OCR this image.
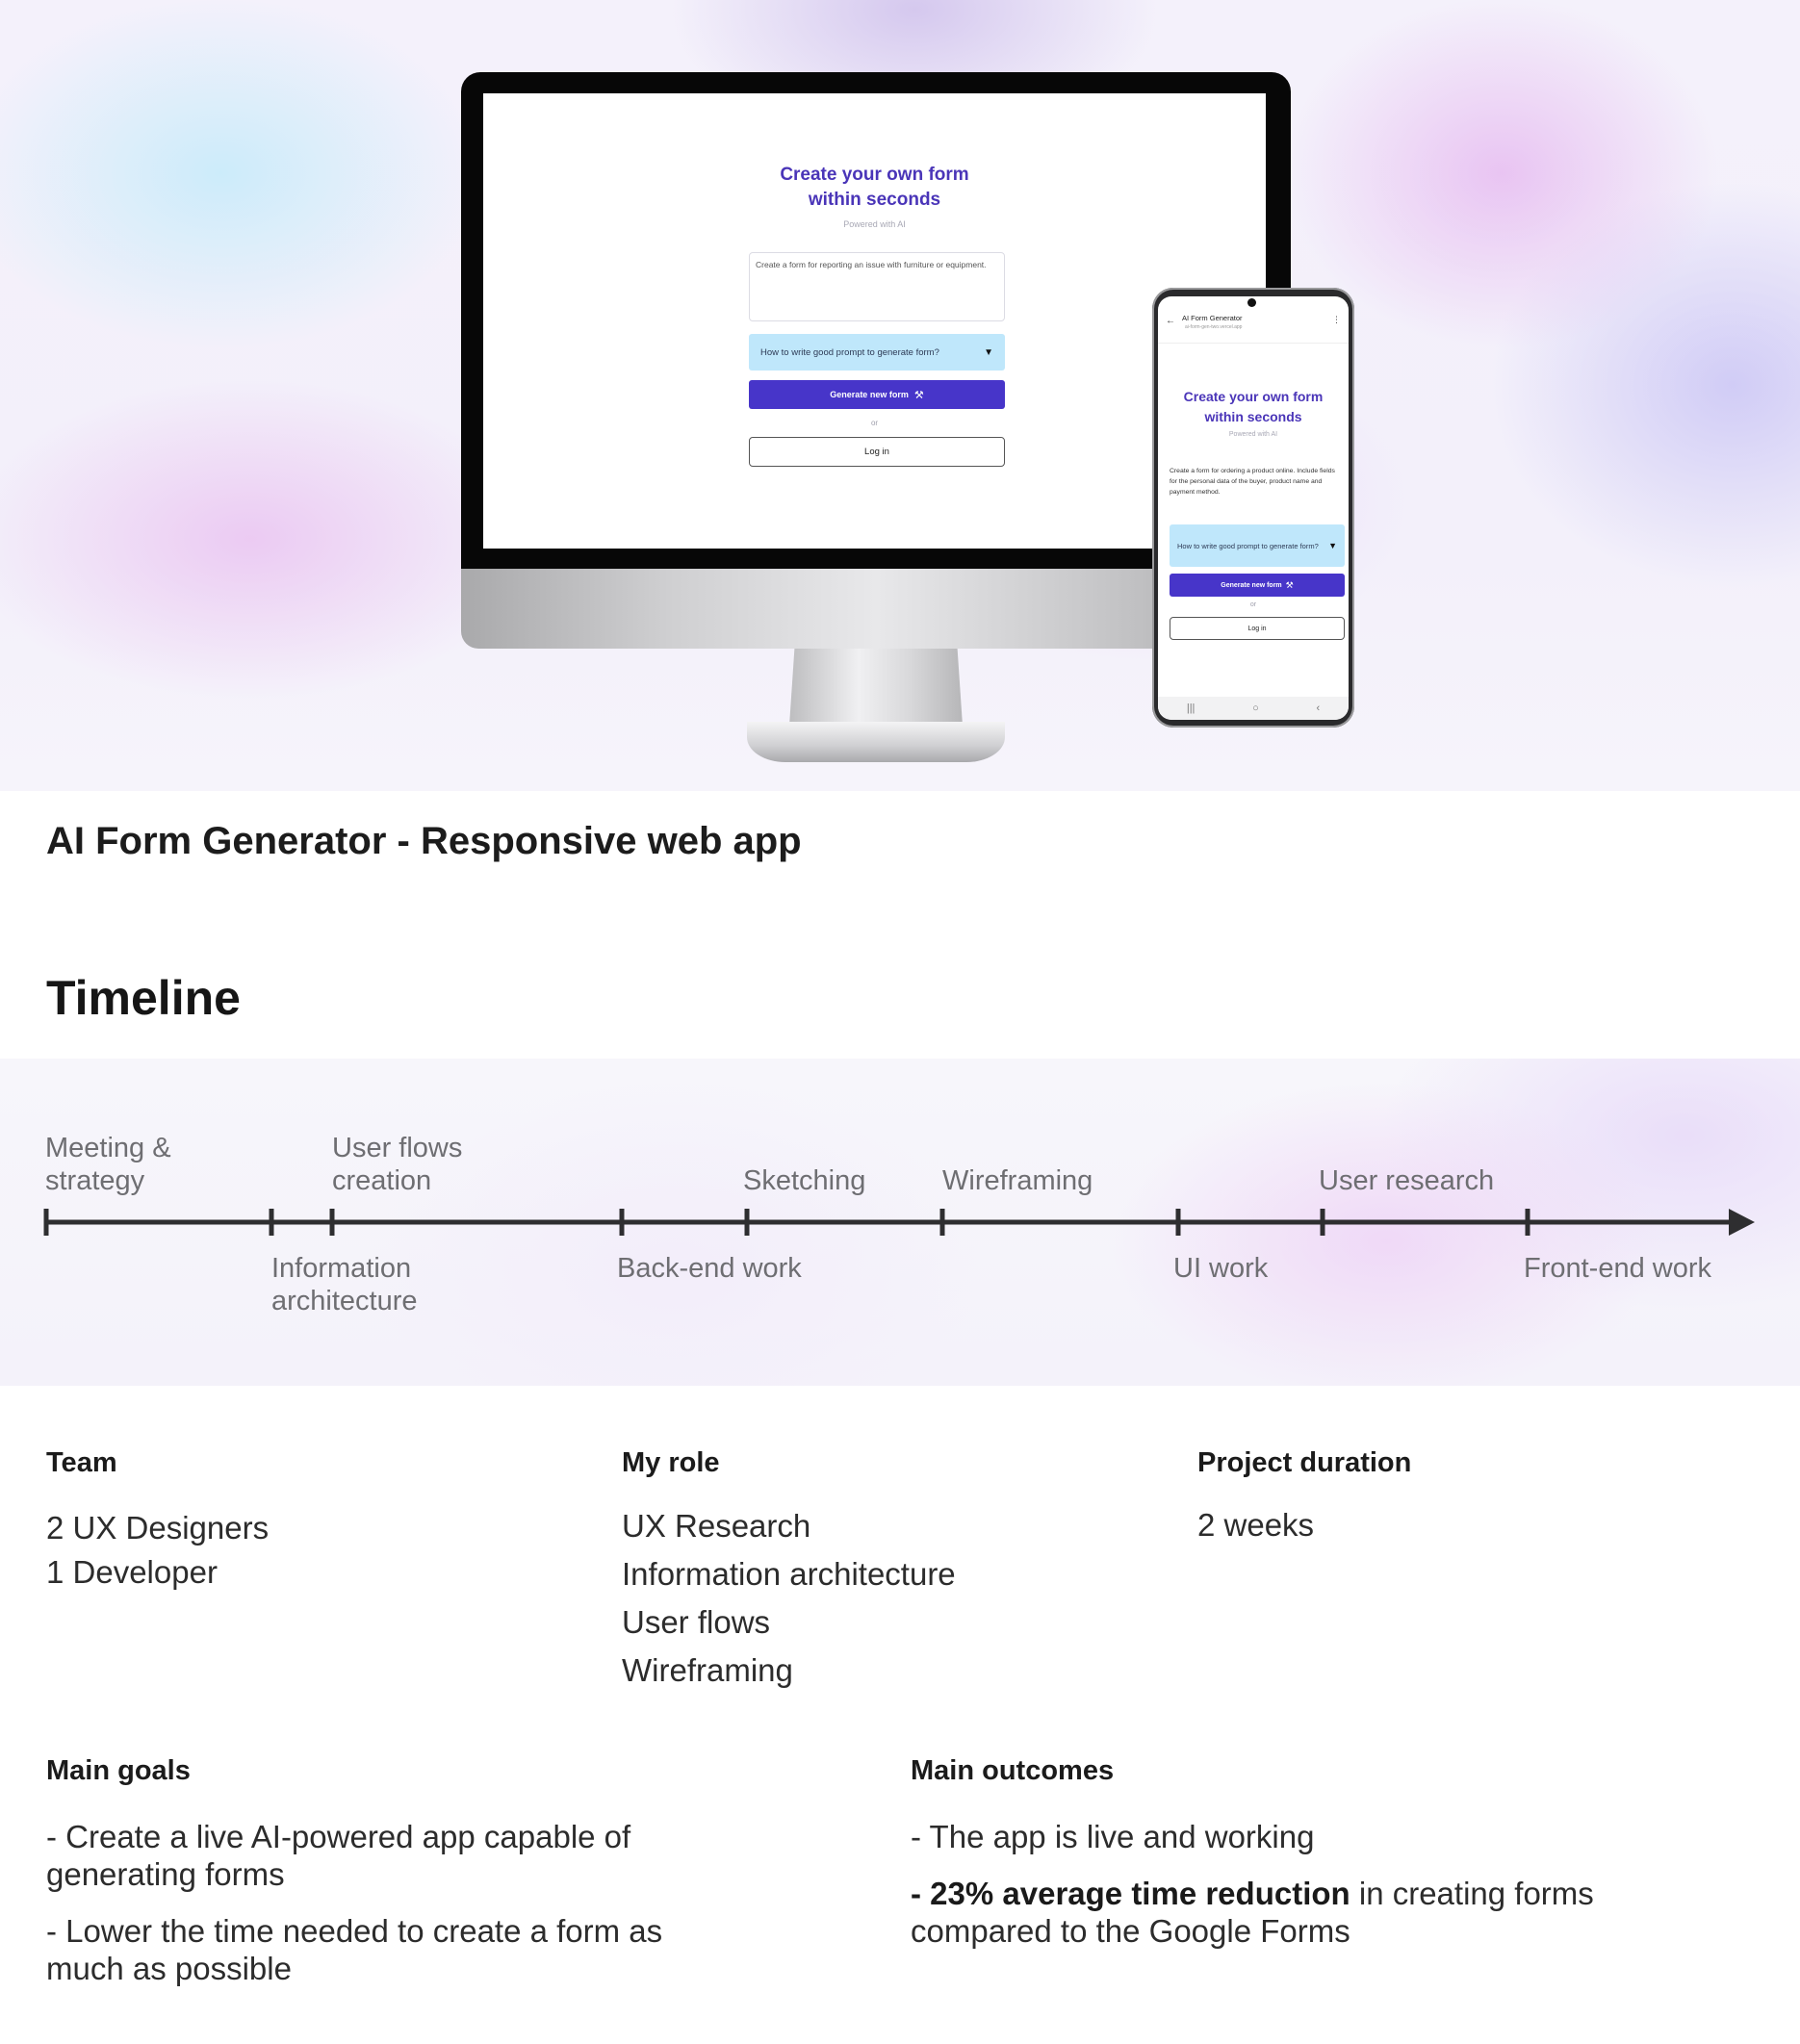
Create your own form
within seconds
Powered with AI
Create a form for reporting an issue with furniture or equipment.
How to write good prompt to generate form?	▼
Generate new form ⚒
or
Log in
← AI Form Generator
ai-form-gen-two.vercel.app
⋮
Create your own form
within seconds
Powered with AI
Create a form for ordering a product online. Include fields for the personal data of the buyer, product name and payment method.
How to write good prompt to generate form?	▼
Generate new form ⚒
or
Log in
|||	○	‹
AI Form Generator - Responsive web app
Timeline
Meeting &
strategy
User flows
creation	Sketching	Wireframing	User research
Information
architecture
Back-end work	UI work	Front-end work
Team
2 UX Designers
1 Developer
My role
UX Research
Information architecture
User flows
Wireframing
Project duration
2 weeks
Main goals
- Create a live AI-powered app capable of generating forms
- Lower the time needed to create a form as much as possible
Main outcomes
- The app is live and working
- 23% average time reduction in creating forms compared to the Google Forms
